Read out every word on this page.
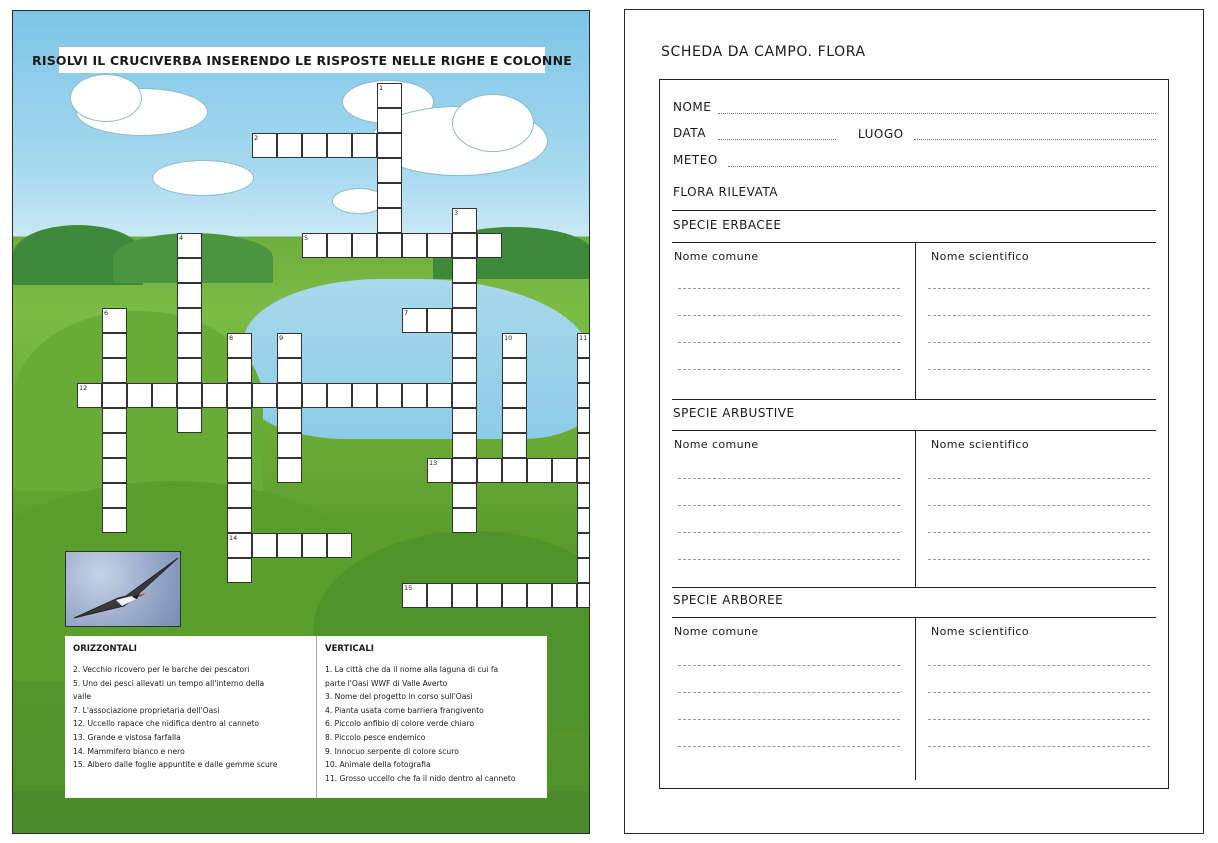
RISOLVI IL CRUCIVERBA INSERENDO LE RISPOSTE NELLE RIGHE E COLONNE
1
2
3
4	5
6	7
8	9	10	11
12
13
14
15
ORIZZONTALI
2. Vecchio ricovero per le barche dei pescatori
5. Uno dei pesci allevati un tempo all'interno della
valle
7. L'associazione proprietaria dell'Oasi
12. Uccello rapace che nidifica dentro al canneto
13. Grande e vistosa farfalla
14. Mammifero bianco e nero
15. Albero dalle foglie appuntite e dalle gemme scure
VERTICALI
1. La città che da il nome alla laguna di cui fa
parte l'Oasi WWF di Valle Averto
3. Nome del progetto in corso sull'Oasi
4. Pianta usata come barriera frangivento
6. Piccolo anfibio di colore verde chiaro
8. Piccolo pesce endemico
9. Innocuo serpente di colore scuro
10. Animale della fotografia
11. Grosso uccello che fa il nido dentro al canneto
SCHEDA DA CAMPO. FLORA
NOME
DATA	LUOGO
METEO
FLORA RILEVATA
SPECIE ERBACEE
Nome comune	Nome scientifico
SPECIE ARBUSTIVE
Nome comune	Nome scientifico
SPECIE ARBOREE
Nome comune	Nome scientifico
